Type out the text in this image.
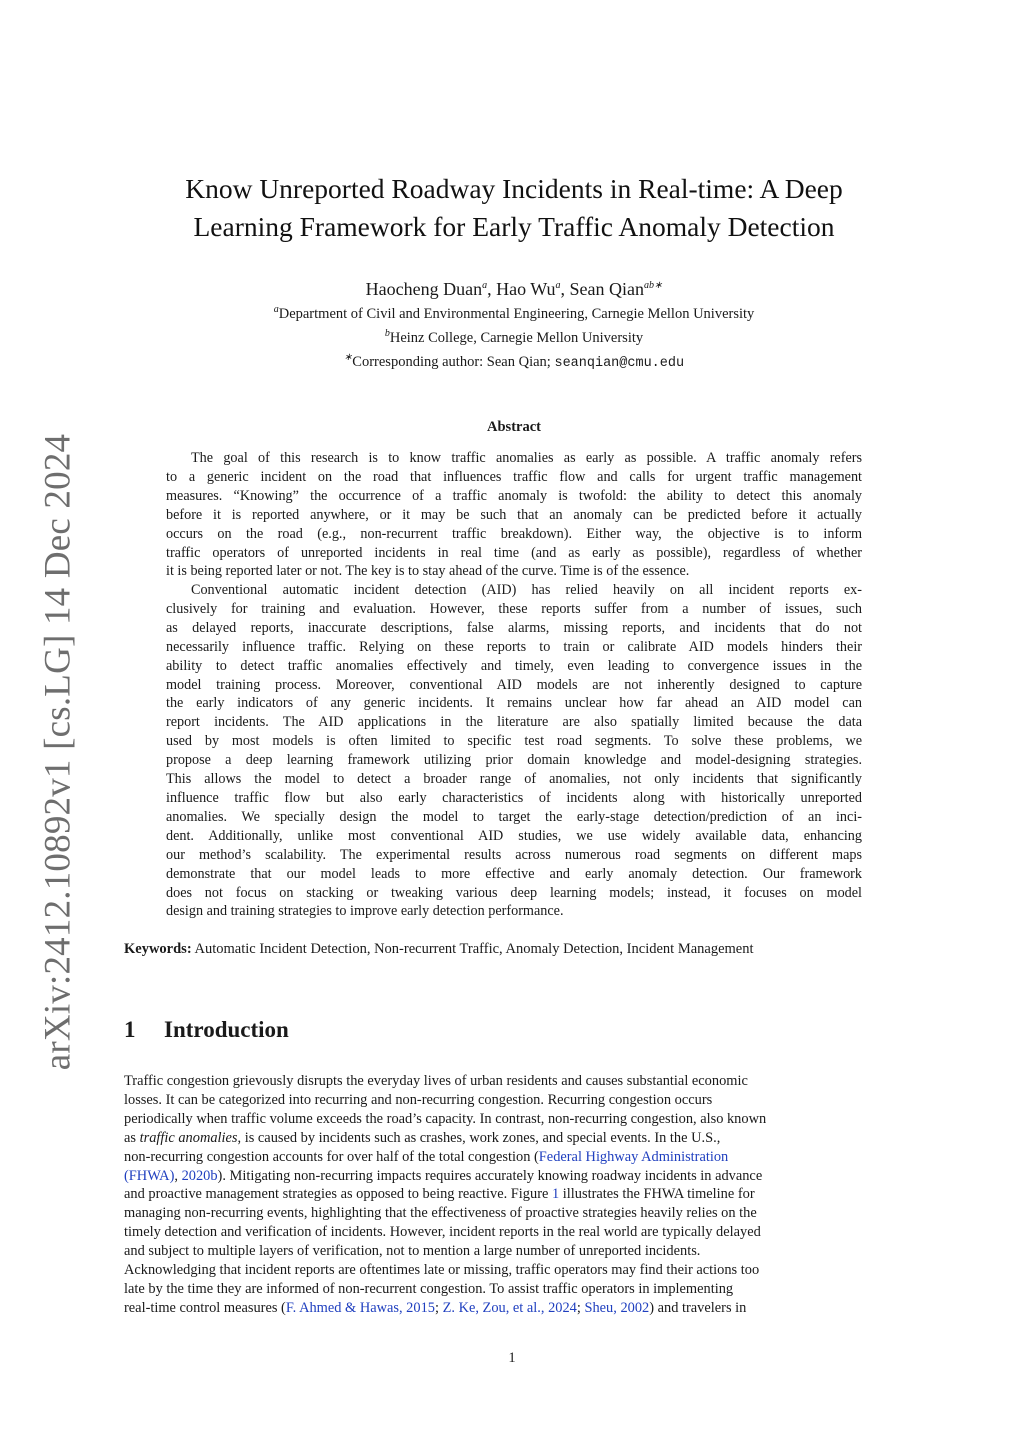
arXiv:2412.10892v1 [cs.LG] 14 Dec 2024
Know Unreported Roadway Incidents in Real-time: A Deep
Learning Framework for Early Traffic Anomaly Detection
Haocheng Duan$^a$, Hao Wu$^a$, Sean Qian$^{ab∗}$
$^a$Department of Civil and Environmental Engineering, Carnegie Mellon University
$^b$Heinz College, Carnegie Mellon University
∗Corresponding author: Sean Qian; seanqian@cmu.edu
Abstract
The goal of this research is to know traffic anomalies as early as possible. A traffic anomaly refers
to a generic incident on the road that influences traffic flow and calls for urgent traffic management
measures. “Knowing” the occurrence of a traffic anomaly is twofold: the ability to detect this anomaly
before it is reported anywhere, or it may be such that an anomaly can be predicted before it actually
occurs on the road (e.g., non-recurrent traffic breakdown). Either way, the objective is to inform
traffic operators of unreported incidents in real time (and as early as possible), regardless of whether
it is being reported later or not. The key is to stay ahead of the curve. Time is of the essence.
Conventional automatic incident detection (AID) has relied heavily on all incident reports ex-
clusively for training and evaluation. However, these reports suffer from a number of issues, such
as delayed reports, inaccurate descriptions, false alarms, missing reports, and incidents that do not
necessarily influence traffic. Relying on these reports to train or calibrate AID models hinders their
ability to detect traffic anomalies effectively and timely, even leading to convergence issues in the
model training process. Moreover, conventional AID models are not inherently designed to capture
the early indicators of any generic incidents. It remains unclear how far ahead an AID model can
report incidents. The AID applications in the literature are also spatially limited because the data
used by most models is often limited to specific test road segments. To solve these problems, we
propose a deep learning framework utilizing prior domain knowledge and model-designing strategies.
This allows the model to detect a broader range of anomalies, not only incidents that significantly
influence traffic flow but also early characteristics of incidents along with historically unreported
anomalies. We specially design the model to target the early-stage detection/prediction of an inci-
dent. Additionally, unlike most conventional AID studies, we use widely available data, enhancing
our method’s scalability. The experimental results across numerous road segments on different maps
demonstrate that our model leads to more effective and early anomaly detection. Our framework
does not focus on stacking or tweaking various deep learning models; instead, it focuses on model
design and training strategies to improve early detection performance.
Keywords: Automatic Incident Detection, Non-recurrent Traffic, Anomaly Detection, Incident Management
1 Introduction
Traffic congestion grievously disrupts the everyday lives of urban residents and causes substantial economic
losses. It can be categorized into recurring and non-recurring congestion. Recurring congestion occurs
periodically when traffic volume exceeds the road’s capacity. In contrast, non-recurring congestion, also known
as traffic anomalies, is caused by incidents such as crashes, work zones, and special events. In the U.S.,
non-recurring congestion accounts for over half of the total congestion (Federal Highway Administration
(FHWA), 2020b). Mitigating non-recurring impacts requires accurately knowing roadway incidents in advance
and proactive management strategies as opposed to being reactive. Figure 1 illustrates the FHWA timeline for
managing non-recurring events, highlighting that the effectiveness of proactive strategies heavily relies on the
timely detection and verification of incidents. However, incident reports in the real world are typically delayed
and subject to multiple layers of verification, not to mention a large number of unreported incidents.
Acknowledging that incident reports are oftentimes late or missing, traffic operators may find their actions too
late by the time they are informed of non-recurrent congestion. To assist traffic operators in implementing
real-time control measures (F. Ahmed & Hawas, 2015; Z. Ke, Zou, et al., 2024; Sheu, 2002) and travelers in
1
